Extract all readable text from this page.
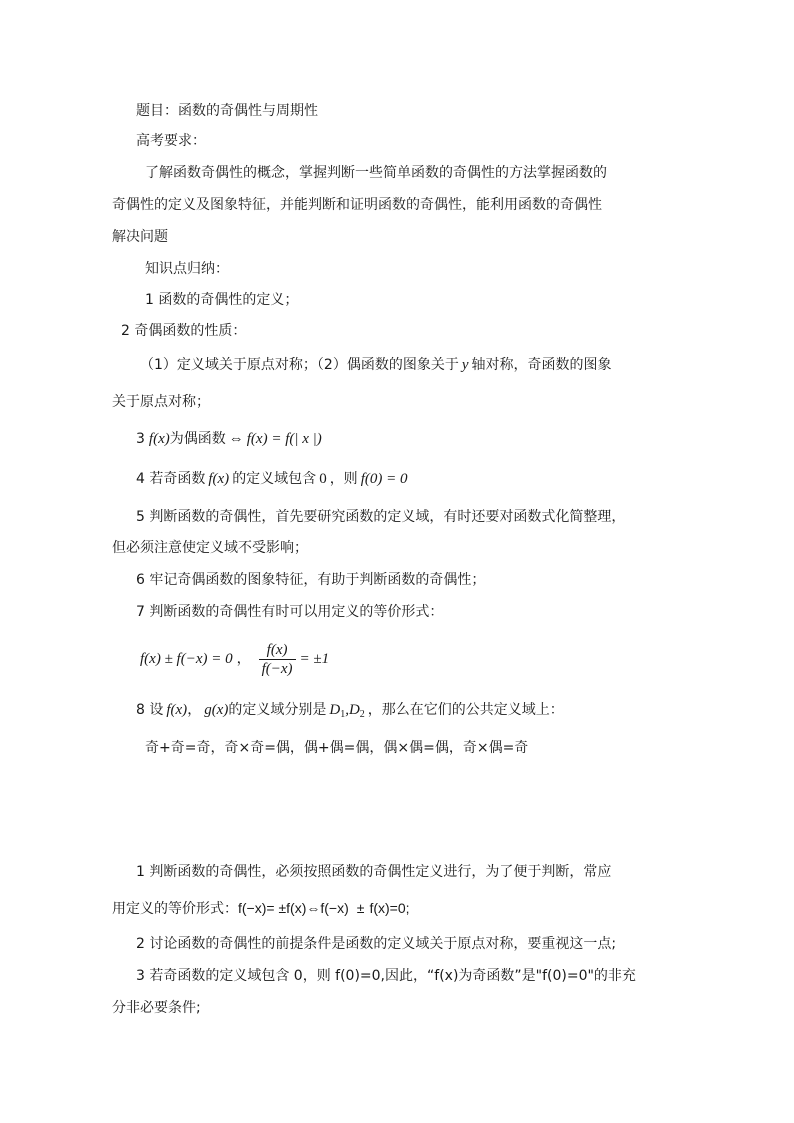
题目：函数的奇偶性与周期性
高考要求：
了解函数奇偶性的概念，掌握判断一些简单函数的奇偶性的方法掌握函数的
奇偶性的定义及图象特征，并能判断和证明函数的奇偶性，能利用函数的奇偶性
解决问题
知识点归纳：
1 函数的奇偶性的定义；
2 奇偶函数的性质：
（1）定义域关于原点对称；（2）偶函数的图象关于 y 轴对称，奇函数的图象
关于原点对称；
3 f(x)为偶函数 ⇔ f(x) = f(| x |)
4 若奇函数 f(x) 的定义域包含 0 ，则 f(0) = 0
5 判断函数的奇偶性，首先要研究函数的定义域，有时还要对函数式化简整理，
但必须注意使定义域不受影响；
6 牢记奇偶函数的图象特征，有助于判断函数的奇偶性；
7 判断函数的奇偶性有时可以用定义的等价形式：
f(x) ± f(−x) = 0 ， $\frac{f(x)}{f(-x)} = \pm 1$
8 设 f(x)， g(x)的定义域分别是 $D_1,D_2$ ，那么在它们的公共定义域上：
奇+奇=奇，奇×奇=偶，偶+偶=偶，偶×偶=偶，奇×偶=奇
1 判断函数的奇偶性，必须按照函数的奇偶性定义进行，为了便于判断，常应
用定义的等价形式：f(−x)= ±f(x)⇔f(−x) ± f(x)=0;
2 讨论函数的奇偶性的前提条件是函数的定义域关于原点对称，要重视这一点;
3 若奇函数的定义域包含 0，则 f(0)=0,因此，“f(x)为奇函数”是"f(0)=0"的非充
分非必要条件;
